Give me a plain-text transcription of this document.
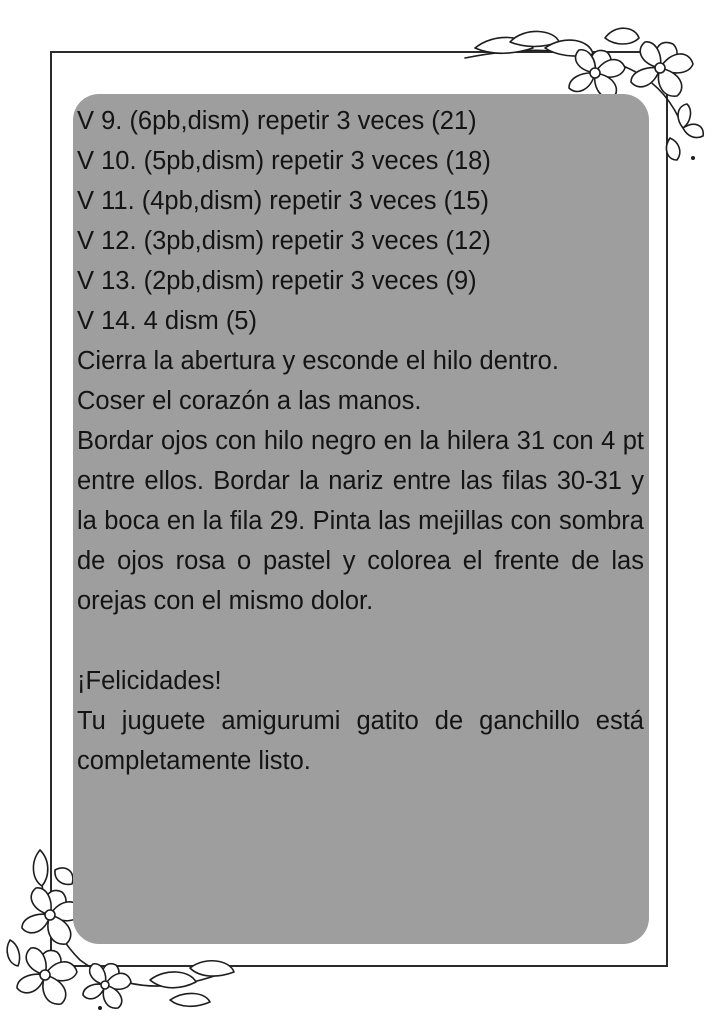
V 9. (6pb,dism) repetir 3 veces (21)
V 10. (5pb,dism) repetir 3 veces (18)
V 11. (4pb,dism) repetir 3 veces (15)
V 12. (3pb,dism) repetir 3 veces (12)
V 13. (2pb,dism) repetir 3 veces (9)
V 14. 4 dism (5)
Cierra la abertura y esconde el hilo dentro.
Coser el corazón a las manos.

Bordar ojos con hilo negro en la hilera 31 con 4 pt entre ellos. Bordar la nariz entre las filas 30-31 y la boca en la fila 29. Pinta las mejillas con sombra de ojos rosa o pastel y colorea el frente de las orejas con el mismo dolor.

¡Felicidades!

Tu juguete amigurumi gatito de ganchillo está completamente listo.
